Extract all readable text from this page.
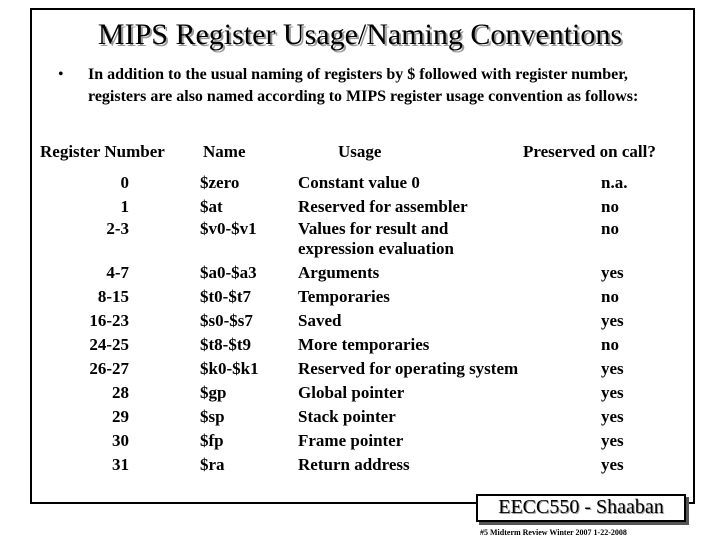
MIPS Register Usage/Naming Conventions
• In addition to the usual naming of registers by $ followed with register number, registers are also named according to MIPS register usage convention as follows:
Register Number Name	Usage	Preserved on call?
0	$zero	Constant value 0	n.a.
1	$at	Reserved for assembler	no
2-3	$v0-$v1 Values for result and	no
expression evaluation
4-7	$a0-$a3 Arguments	yes
8-15	$t0-$t7	Temporaries	no
16-23	$s0-$s7	Saved	yes
24-25	$t8-$t9	More temporaries	no
26-27	$k0-$k1 Reserved for operating system	yes
28	$gp	Global pointer	yes
29	$sp	Stack pointer	yes
30	$fp	Frame pointer	yes
31	$ra	Return address	yes
EECC550 - Shaaban
#5 Midterm Review Winter 2007 1-22-2008
